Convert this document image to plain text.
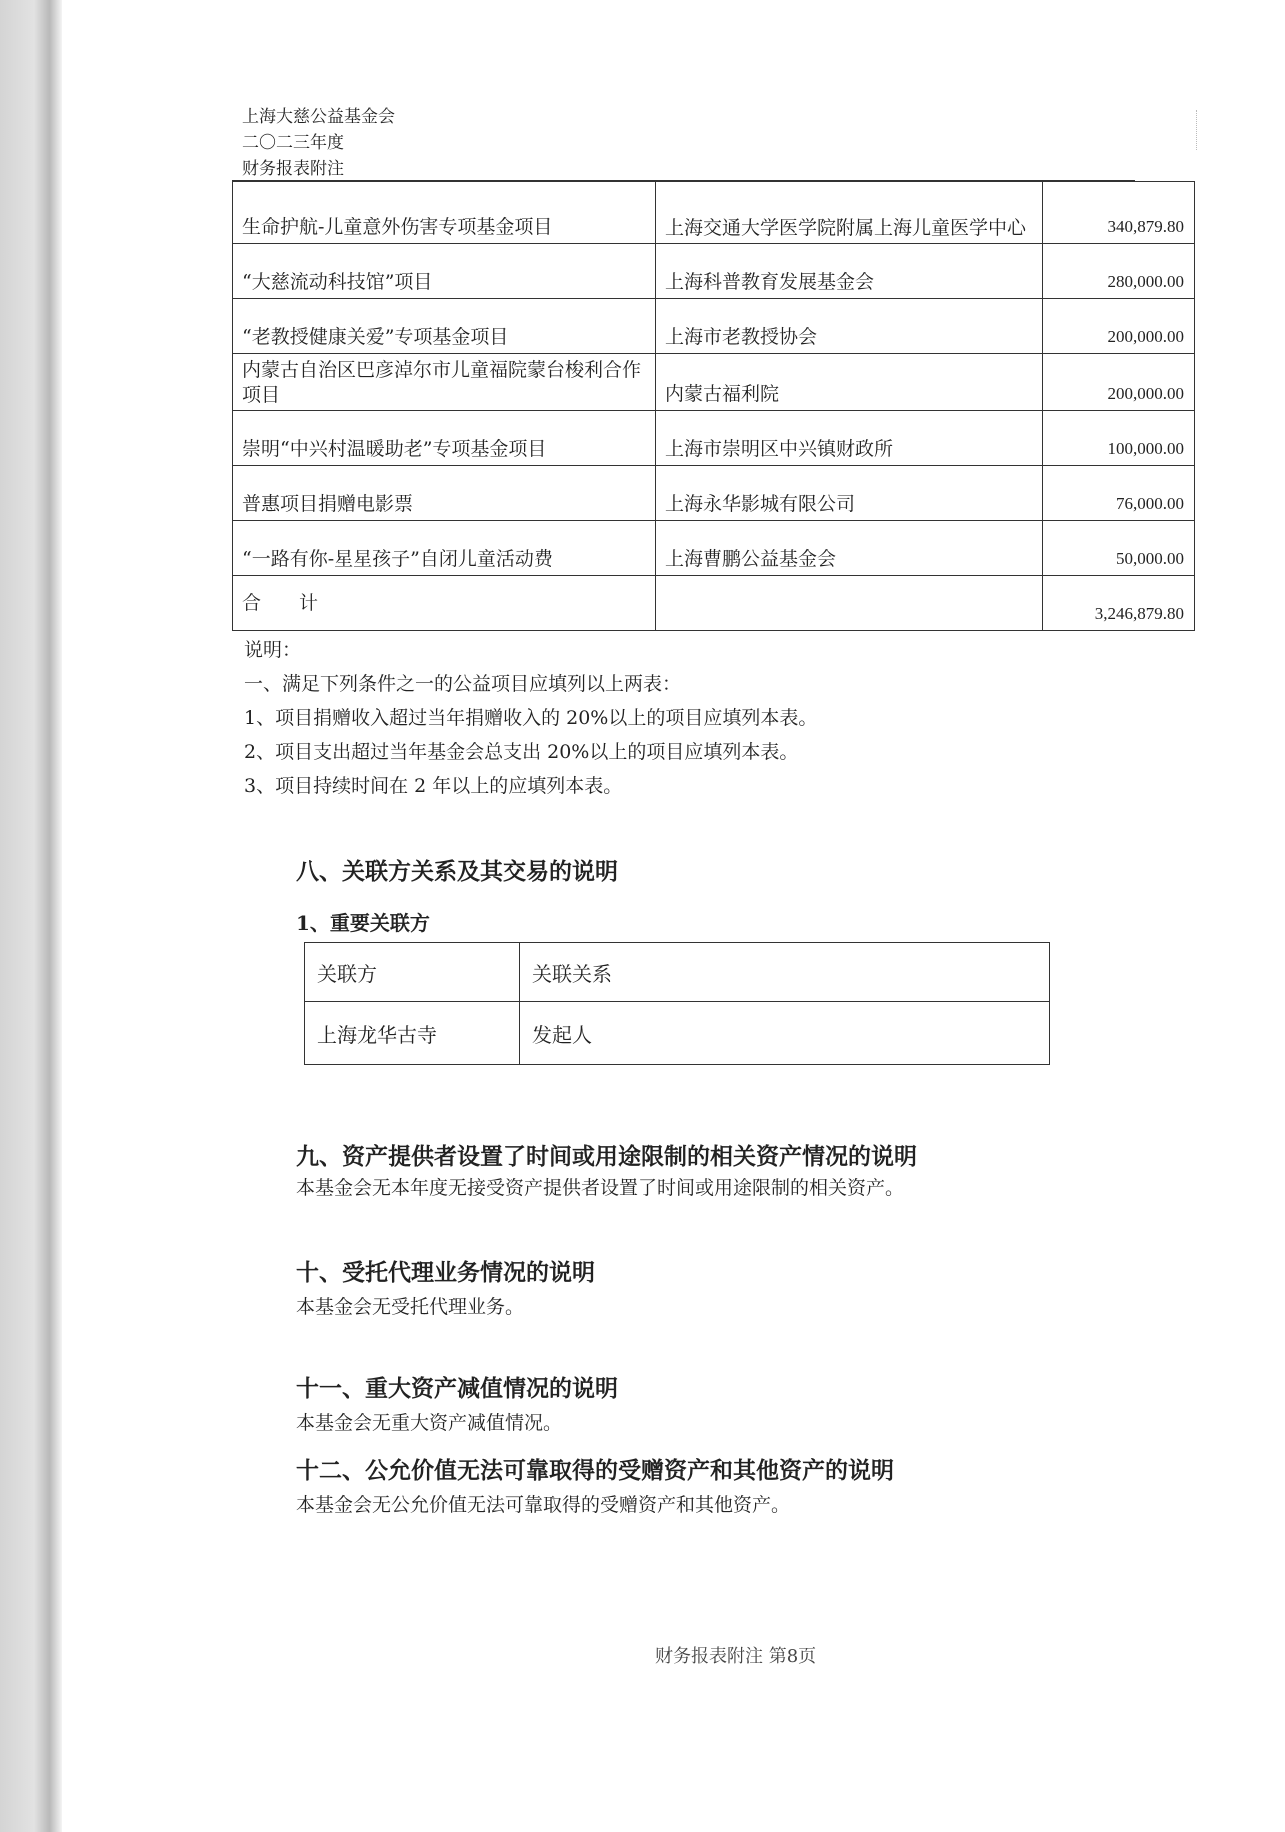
上海大慈公益基金会
二〇二三年度
财务报表附注
生命护航-儿童意外伤害专项基金项目	上海交通大学医学院附属上海儿童医学中心	340,879.80
“大慈流动科技馆”项目	上海科普教育发展基金会	280,000.00
“老教授健康关爱”专项基金项目	上海市老教授协会	200,000.00
内蒙古自治区巴彦淖尔市儿童福院蒙台梭利合作项目	内蒙古福利院	200,000.00
崇明“中兴村温暖助老”专项基金项目	上海市崇明区中兴镇财政所	100,000.00
普惠项目捐赠电影票	上海永华影城有限公司	76,000.00
“一路有你-星星孩子”自闭儿童活动费	上海曹鹏公益基金会	50,000.00
合　　计		3,246,879.80
说明：
一、满足下列条件之一的公益项目应填列以上两表：
1、项目捐赠收入超过当年捐赠收入的 20%以上的项目应填列本表。
2、项目支出超过当年基金会总支出 20%以上的项目应填列本表。
3、项目持续时间在 2 年以上的应填列本表。
八、关联方关系及其交易的说明
1、重要关联方
关联方	关联关系
上海龙华古寺	发起人
九、资产提供者设置了时间或用途限制的相关资产情况的说明
本基金会无本年度无接受资产提供者设置了时间或用途限制的相关资产。
十、受托代理业务情况的说明
本基金会无受托代理业务。
十一、重大资产减值情况的说明
本基金会无重大资产减值情况。
十二、公允价值无法可靠取得的受赠资产和其他资产的说明
本基金会无公允价值无法可靠取得的受赠资产和其他资产。
财务报表附注 第8页
